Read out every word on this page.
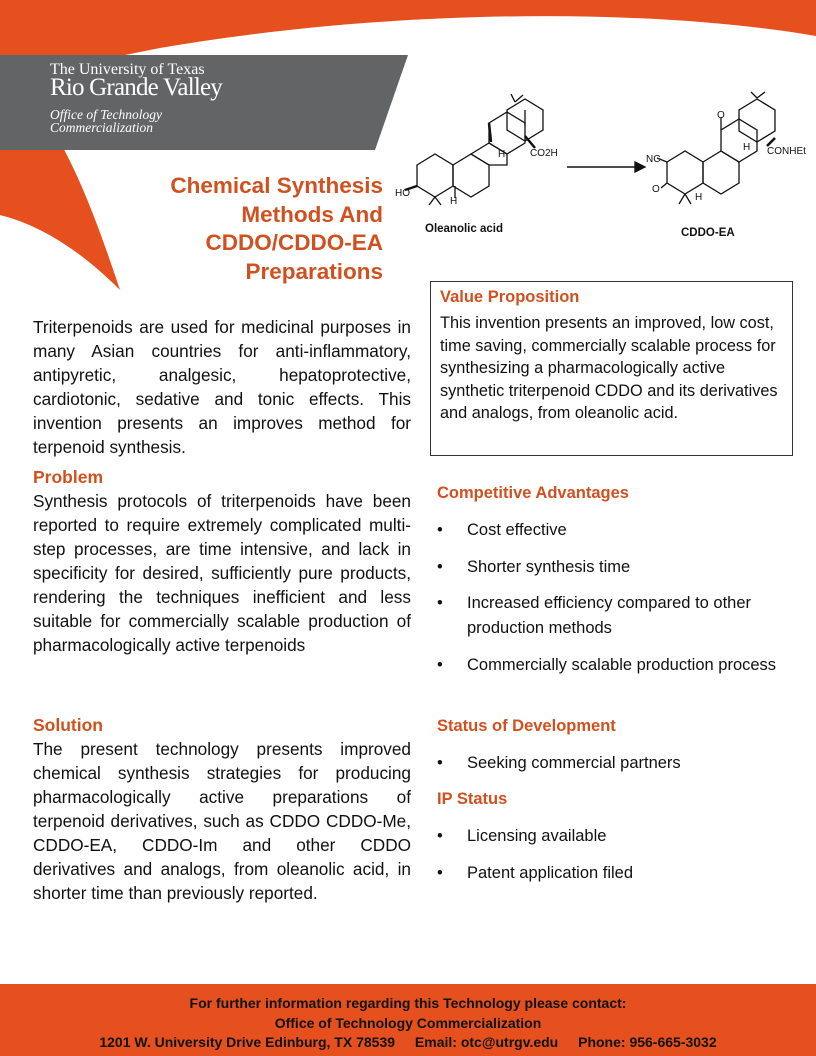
The University of Texas
Rio Grande Valley
Office of Technology
Commercialization
Chemical Synthesis
Methods And
CDDO/CDDO-EA
Preparations
CO2H
HO
H
H
NC
O
O
CONHEt
H
H
Oleanolic acid	CDDO-EA
Triterpenoids are used for medicinal purposes in many Asian countries for anti-inflammatory, antipyretic, analgesic, hepatoprotective, cardiotonic, sedative and tonic effects. This invention presents an improves method for terpenoid synthesis.
Problem
Synthesis protocols of triterpenoids have been reported to require extremely complicated multi-step processes, are time intensive, and lack in specificity for desired, sufficiently pure products, rendering the techniques inefficient and less suitable for commercially scalable production of pharmacologically active terpenoids
Solution
The present technology presents improved chemical synthesis strategies for producing pharmacologically active preparations of terpenoid derivatives, such as CDDO CDDO-Me, CDDO-EA, CDDO-Im and other CDDO derivatives and analogs, from oleanolic acid, in shorter time than previously reported.
Value Proposition
This invention presents an improved, low cost, time saving, commercially scalable process for synthesizing a pharmacologically active synthetic triterpenoid CDDO and its derivatives and analogs, from oleanolic acid.
Competitive Advantages
• Cost effective
• Shorter synthesis time
• Increased efficiency compared to other production methods
• Commercially scalable production process
Status of Development
• Seeking commercial partners
IP Status
• Licensing available
• Patent application filed
For further information regarding this Technology please contact:
Office of Technology Commercialization
1201 W. University Drive Edinburg, TX 78539 Email: otc@utrgv.edu Phone: 956-665-3032
